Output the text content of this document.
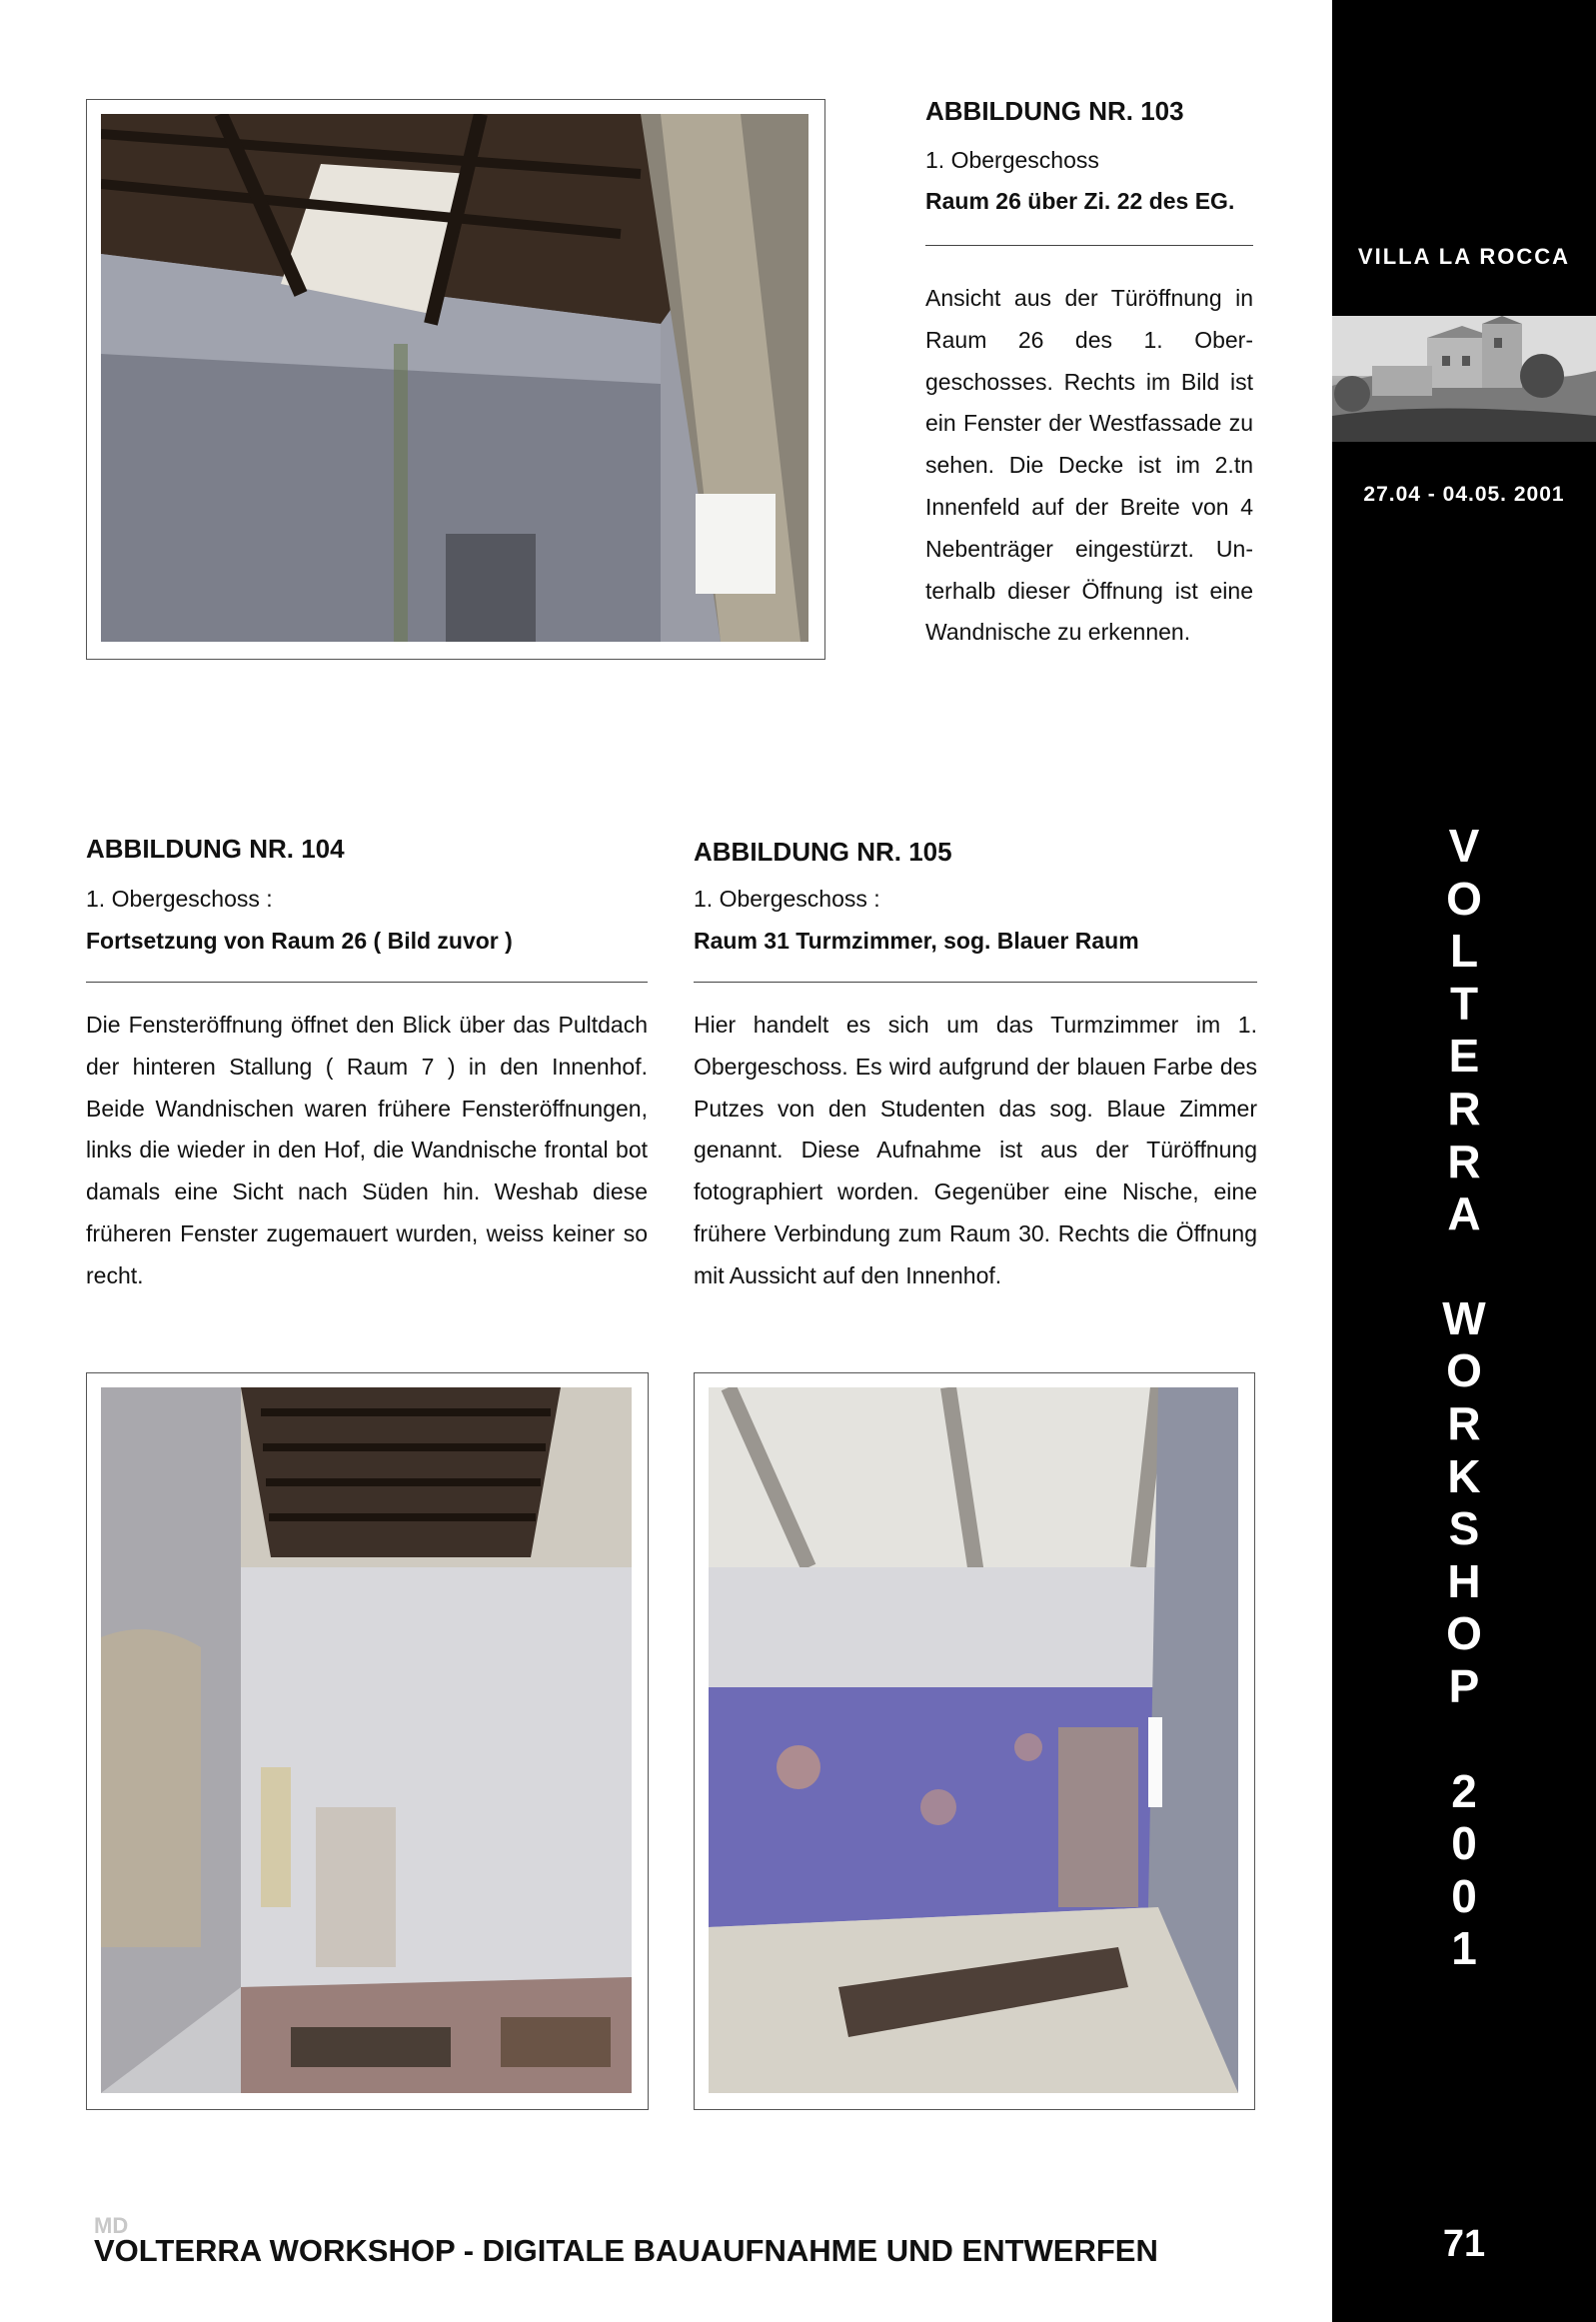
VILLA LA ROCCA
27.04 - 04.05. 2001
V
O
L
T
E
R
R
A
W
O
R
K
S
H
O
P
2
0
0
1
71
ABBILDUNG NR. 103
1. Obergeschoss
Raum 26 über Zi. 22 des EG.
Ansicht aus der Türöffnung in Raum 26 des 1. Ober-geschosses. Rechts im Bild ist ein Fenster der Westfassade zu sehen. Die Decke ist im 2.tn Innenfeld auf der Breite von 4 Nebenträger eingestürzt. Un-terhalb dieser Öffnung ist eine Wandnische zu erkennen.
ABBILDUNG NR. 104
1. Obergeschoss :
Fortsetzung von Raum 26 ( Bild zuvor )
Die Fensteröffnung öffnet den Blick über das Pultdach der hinteren Stallung ( Raum 7 ) in den Innenhof. Beide Wandnischen waren frühere Fensteröffnungen, links die wieder in den Hof, die Wandnische frontal bot damals eine Sicht nach Süden hin. Weshab diese früheren Fenster zugemauert wurden, weiss keiner so recht.
ABBILDUNG NR. 105
1. Obergeschoss :
Raum 31 Turmzimmer, sog. Blauer Raum
Hier handelt es sich um das Turmzimmer im 1. Obergeschoss. Es wird aufgrund der blauen Farbe des Putzes von den Studenten das sog. Blaue Zimmer genannt. Diese Aufnahme ist aus der Türöffnung fotographiert worden. Gegenüber eine Nische, eine frühere Verbindung zum Raum 30. Rechts die Öffnung mit Aussicht auf den Innenhof.
MD
VOLTERRA WORKSHOP - DIGITALE BAUAUFNAHME UND ENTWERFEN
